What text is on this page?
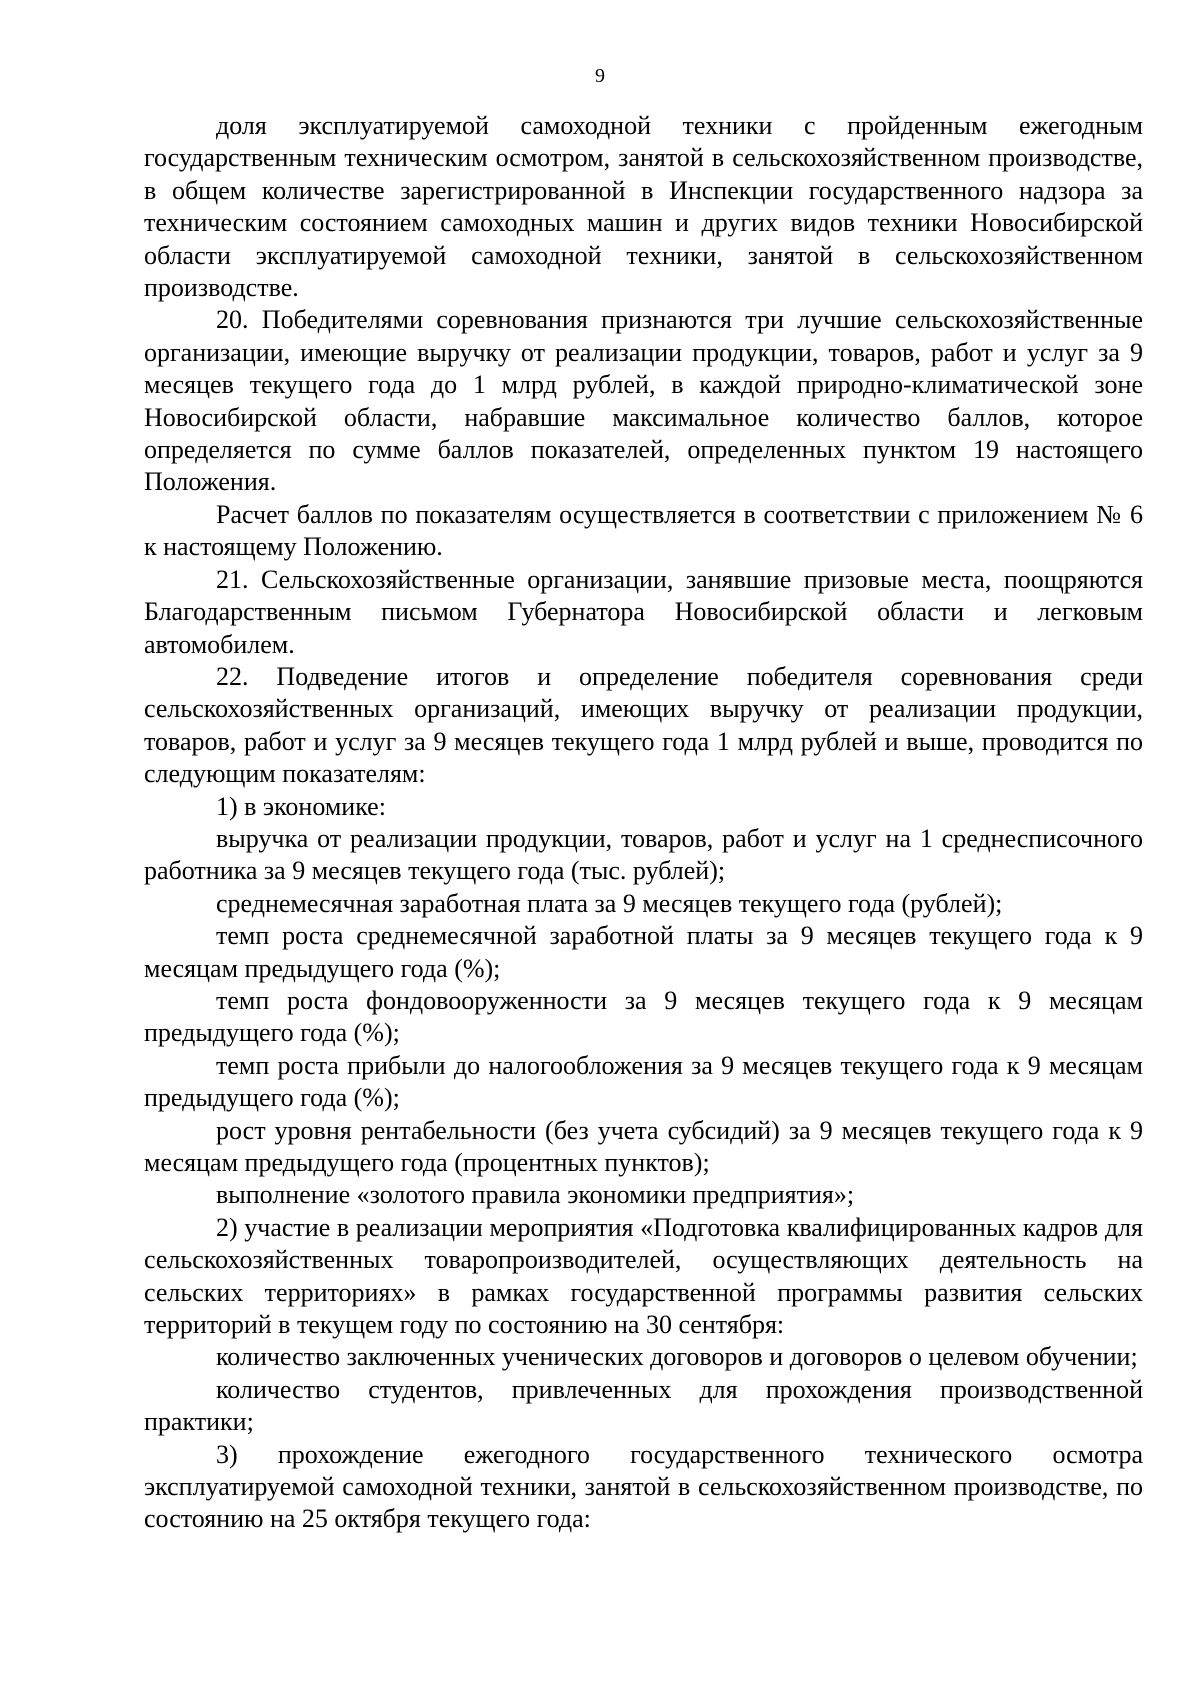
9

доля эксплуатируемой самоходной техники с пройденным ежегодным государственным техническим осмотром, занятой в сельскохозяйственном производстве, в общем количестве зарегистрированной в Инспекции государственного надзора за техническим состоянием самоходных машин и других видов техники Новосибирской области эксплуатируемой самоходной техники, занятой в сельскохозяйственном производстве.

20. Победителями соревнования признаются три лучшие сельскохозяйственные организации, имеющие выручку от реализации продукции, товаров, работ и услуг за 9 месяцев текущего года до 1 млрд рублей, в каждой природно-климатической зоне Новосибирской области, набравшие максимальное количество баллов, которое определяется по сумме баллов показателей, определенных пунктом 19 настоящего Положения.

Расчет баллов по показателям осуществляется в соответствии с приложением № 6 к настоящему Положению.

21. Сельскохозяйственные организации, занявшие призовые места, поощряются Благодарственным письмом Губернатора Новосибирской области и легковым автомобилем.

22. Подведение итогов и определение победителя соревнования среди сельскохозяйственных организаций, имеющих выручку от реализации продукции, товаров, работ и услуг за 9 месяцев текущего года 1 млрд рублей и выше, проводится по следующим показателям:

1) в экономике:

выручка от реализации продукции, товаров, работ и услуг на 1 среднесписочного работника за 9 месяцев текущего года (тыс. рублей);

среднемесячная заработная плата за 9 месяцев текущего года (рублей);

темп роста среднемесячной заработной платы за 9 месяцев текущего года к 9 месяцам предыдущего года (%);

темп роста фондовооруженности за 9 месяцев текущего года к 9 месяцам предыдущего года (%);

темп роста прибыли до налогообложения за 9 месяцев текущего года к 9 месяцам предыдущего года (%);

рост уровня рентабельности (без учета субсидий) за 9 месяцев текущего года к 9 месяцам предыдущего года (процентных пунктов);

выполнение «золотого правила экономики предприятия»;

2) участие в реализации мероприятия «Подготовка квалифицированных кадров для сельскохозяйственных товаропроизводителей, осуществляющих деятельность на сельских территориях» в рамках государственной программы развития сельских территорий в текущем году по состоянию на 30 сентября:

количество заключенных ученических договоров и договоров о целевом обучении;

количество студентов, привлеченных для прохождения производственной практики;

3) прохождение ежегодного государственного технического осмотра эксплуатируемой самоходной техники, занятой в сельскохозяйственном производстве, по состоянию на 25 октября текущего года:
